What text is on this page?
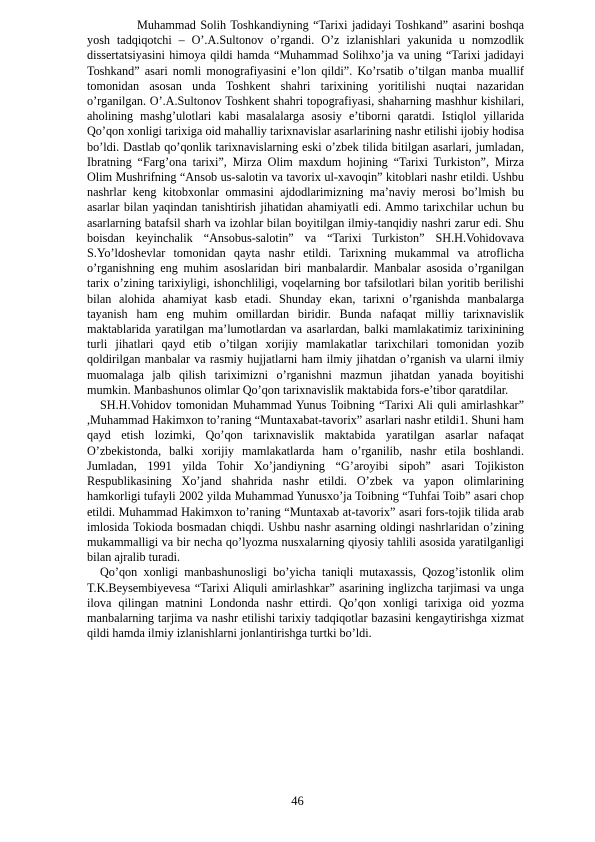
Muhammad Solih Toshkandiyning “Tarixi jadidayi Toshkand” asarini boshqa yosh tadqiqotchi – O’.A.Sultonov o’rgandi. O’z izlanishlari yakunida u nomzodlik dissertatsiyasini himoya qildi hamda “Muhammad Solihxo’ja va uning “Tarixi jadidayi Toshkand” asari nomli monografiyasini e’lon qildi”. Ko’rsatib o’tilgan manba muallif tomonidan asosan unda Toshkent shahri tarixining yoritilishi nuqtai nazaridan o’rganilgan. O’.A.Sultonov Toshkent shahri topografiyasi, shaharning mashhur kishilari, aholining mashg’ulotlari kabi masalalarga asosiy e’tiborni qaratdi. Istiqlol yillarida Qo’qon xonligi tarixiga oid mahalliy tarixnavislar asarlarining nashr etilishi ijobiy hodisa bo’ldi. Dastlab qo’qonlik tarixnavislarning eski o’zbek tilida bitilgan asarlari, jumladan, Ibratning “Farg’ona tarixi”, Mirza Olim maxdum hojining “Tarixi Turkiston”, Mirza Olim Mushrifning “Ansob us-salotin va tavorix ul-xavoqin” kitoblari nashr etildi. Ushbu nashrlar keng kitobxonlar ommasini ajdodlarimizning ma’naviy merosi bo’lmish bu asarlar bilan yaqindan tanishtirish jihatidan ahamiyatli edi. Ammo tarixchilar uchun bu asarlarning batafsil sharh va izohlar bilan boyitilgan ilmiy-tanqidiy nashri zarur edi. Shu boisdan keyinchalik “Ansobus-salotin” va “Tarixi Turkiston” SH.H.Vohidovava S.Yo’ldoshevlar tomonidan qayta nashr etildi. Tarixning mukammal va atroflicha o’rganishning eng muhim asoslaridan biri manbalardir. Manbalar asosida o’rganilgan tarix o’zining tarixiyligi, ishonchliligi, voqelarning bor tafsilotlari bilan yoritib berilishi bilan alohida ahamiyat kasb etadi. Shunday ekan, tarixni o’rganishda manbalarga tayanish ham eng muhim omillardan biridir. Bunda nafaqat milliy tarixnavislik maktablarida yaratilgan ma’lumotlardan va asarlardan, balki mamlakatimiz tarixinining turli jihatlari qayd etib o’tilgan xorijiy mamlakatlar tarixchilari tomonidan yozib qoldirilgan manbalar va rasmiy hujjatlarni ham ilmiy jihatdan o’rganish va ularni ilmiy muomalaga jalb qilish tariximizni o’rganishni mazmun jihatdan yanada boyitishi mumkin. Manbashunos olimlar Qo’qon tarixnavislik maktabida fors-e’tibor qaratdilar.

SH.H.Vohidov tomonidan Muhammad Yunus Toibning “Tarixi Ali quli amirlashkar” ,Muhammad Hakimxon to’raning “Muntaxabat-tavorix” asarlari nashr etildi1. Shuni ham qayd etish lozimki, Qo’qon tarixnavislik maktabida yaratilgan asarlar nafaqat O’zbekistonda, balki xorijiy mamlakatlarda ham o’rganilib, nashr etila boshlandi. Jumladan, 1991 yilda Tohir Xo’jandiyning “G’aroyibi sipoh” asari Tojikiston Respublikasining Xo’jand shahrida nashr etildi. O’zbek va yapon olimlarining hamkorligi tufayli 2002 yilda Muhammad Yunusxo’ja Toibning “Tuhfai Toib” asari chop etildi. Muhammad Hakimxon to’raning “Muntaxab at-tavorix” asari fors-tojik tilida arab imlosida Tokioda bosmadan chiqdi. Ushbu nashr asarning oldingi nashrlaridan o’zining mukammalligi va bir necha qo’lyozma nusxalarning qiyosiy tahlili asosida yaratilganligi bilan ajralib turadi.

Qo’qon xonligi manbashunosligi bo’yicha taniqli mutaxassis, Qozog’istonlik olim T.K.Beysembiyevesa “Tarixi Aliquli amirlashkar” asarining inglizcha tarjimasi va unga ilova qilingan matnini Londonda nashr ettirdi. Qo’qon xonligi tarixiga oid yozma manbalarning tarjima va nashr etilishi tarixiy tadqiqotlar bazasini kengaytirishga xizmat qildi hamda ilmiy izlanishlarni jonlantirishga turtki bo’ldi.

46
